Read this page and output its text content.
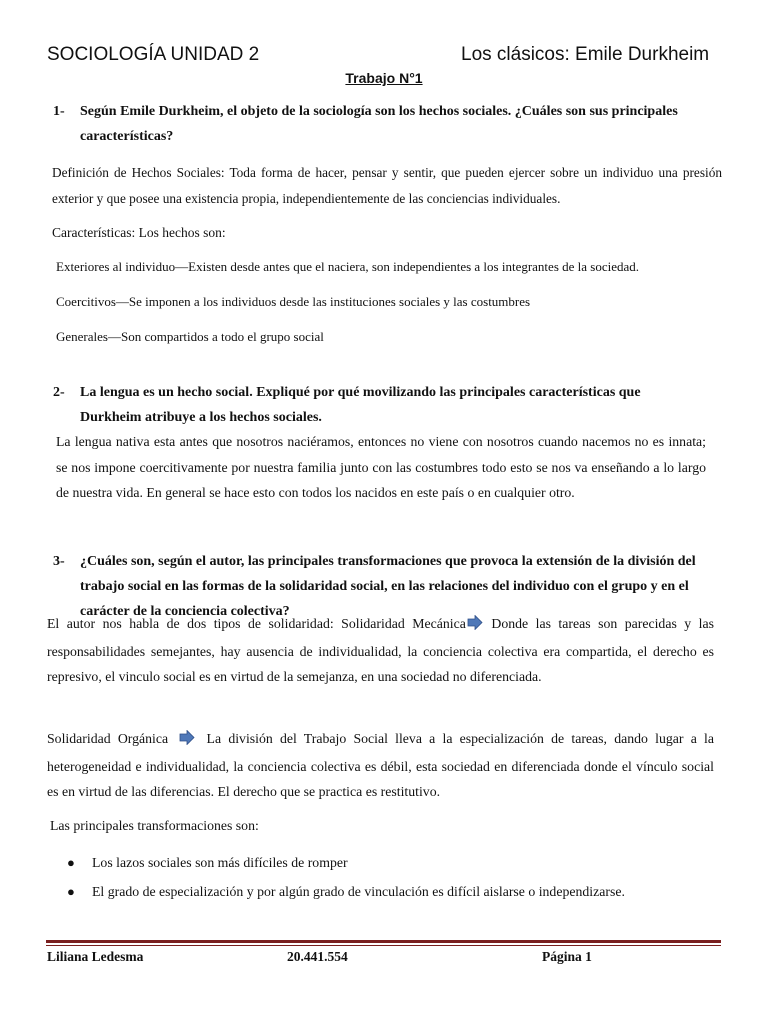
SOCIOLOGÍA UNIDAD 2	Los clásicos: Emile Durkheim
Trabajo N°1
1- Según Emile Durkheim, el objeto de la sociología son los hechos sociales. ¿Cuáles son sus principales características?
Definición de Hechos Sociales: Toda forma de hacer, pensar y sentir, que pueden ejercer sobre un individuo una presión exterior y que posee una existencia propia, independientemente de las conciencias individuales.
Características: Los hechos son:
Exteriores al individuo—Existen desde antes que el naciera, son independientes a los integrantes de la sociedad.
Coercitivos—Se imponen a los individuos desde las instituciones sociales y las costumbres
Generales—Son compartidos a todo el grupo social
2- La lengua es un hecho social. Expliqué por qué movilizando las principales características que Durkheim atribuye a los hechos sociales.
La lengua nativa esta antes que nosotros naciéramos, entonces no viene con nosotros cuando nacemos no es innata; se nos impone coercitivamente por nuestra familia junto con las costumbres todo esto se nos va enseñando a lo largo de nuestra vida. En general se hace esto con todos los nacidos en este país o en cualquier otro.
3- ¿Cuáles son, según el autor, las principales transformaciones que provoca la extensión de la división del trabajo social en las formas de la solidaridad social, en las relaciones del individuo con el grupo y en el carácter de la conciencia colectiva?
El autor nos habla de dos tipos de solidaridad: Solidaridad Mecánica Donde las tareas son parecidas y las responsabilidades semejantes, hay ausencia de individualidad, la conciencia colectiva era compartida, el derecho es represivo, el vinculo social es en virtud de la semejanza, en una sociedad no diferenciada.
Solidaridad Orgánica  La división del Trabajo Social lleva a la especialización de tareas, dando lugar a la heterogeneidad e individualidad, la conciencia colectiva es débil, esta sociedad en diferenciada donde el vínculo social es en virtud de las diferencias. El derecho que se practica es restitutivo.
Las principales transformaciones son:
● Los lazos sociales son más difíciles de romper
● El grado de especialización y por algún grado de vinculación es difícil aislarse o independizarse.
Liliana Ledesma	20.441.554	Página 1
